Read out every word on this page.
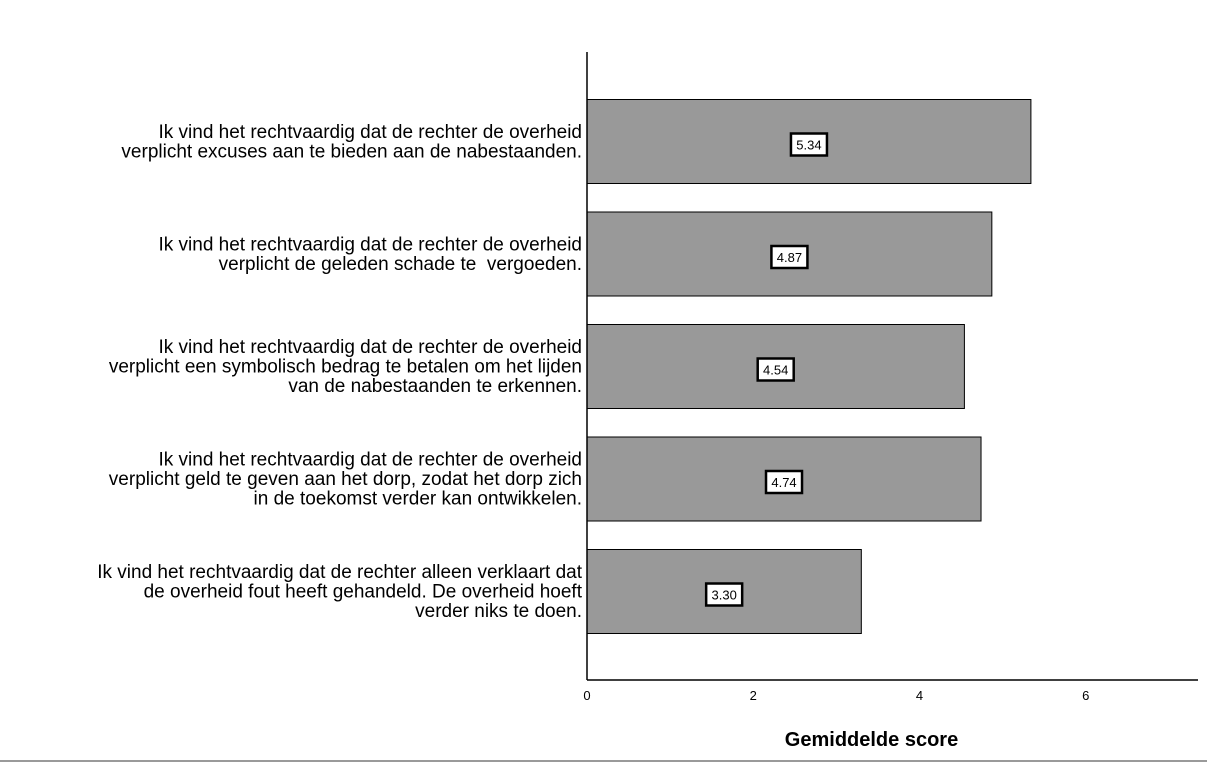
Ik vind het rechtvaardig dat de rechter de overheid verplicht excuses aan te bieden aan de nabestaanden.
Ik vind het rechtvaardig dat de rechter de overheid verplicht de geleden schade te  vergoeden.
Ik vind het rechtvaardig dat de rechter de overheid verplicht een symbolisch bedrag te betalen om het lijden van de nabestaanden te erkennen.
Ik vind het rechtvaardig dat de rechter de overheid verplicht geld te geven aan het dorp, zodat het dorp zich in de toekomst verder kan ontwikkelen.
Ik vind het rechtvaardig dat de rechter alleen verklaart dat de overheid fout heeft gehandeld. De overheid hoeft verder niks te doen.
5.34
4.87
4.54
4.74
3.30
0	2	4	6
Gemiddelde score
